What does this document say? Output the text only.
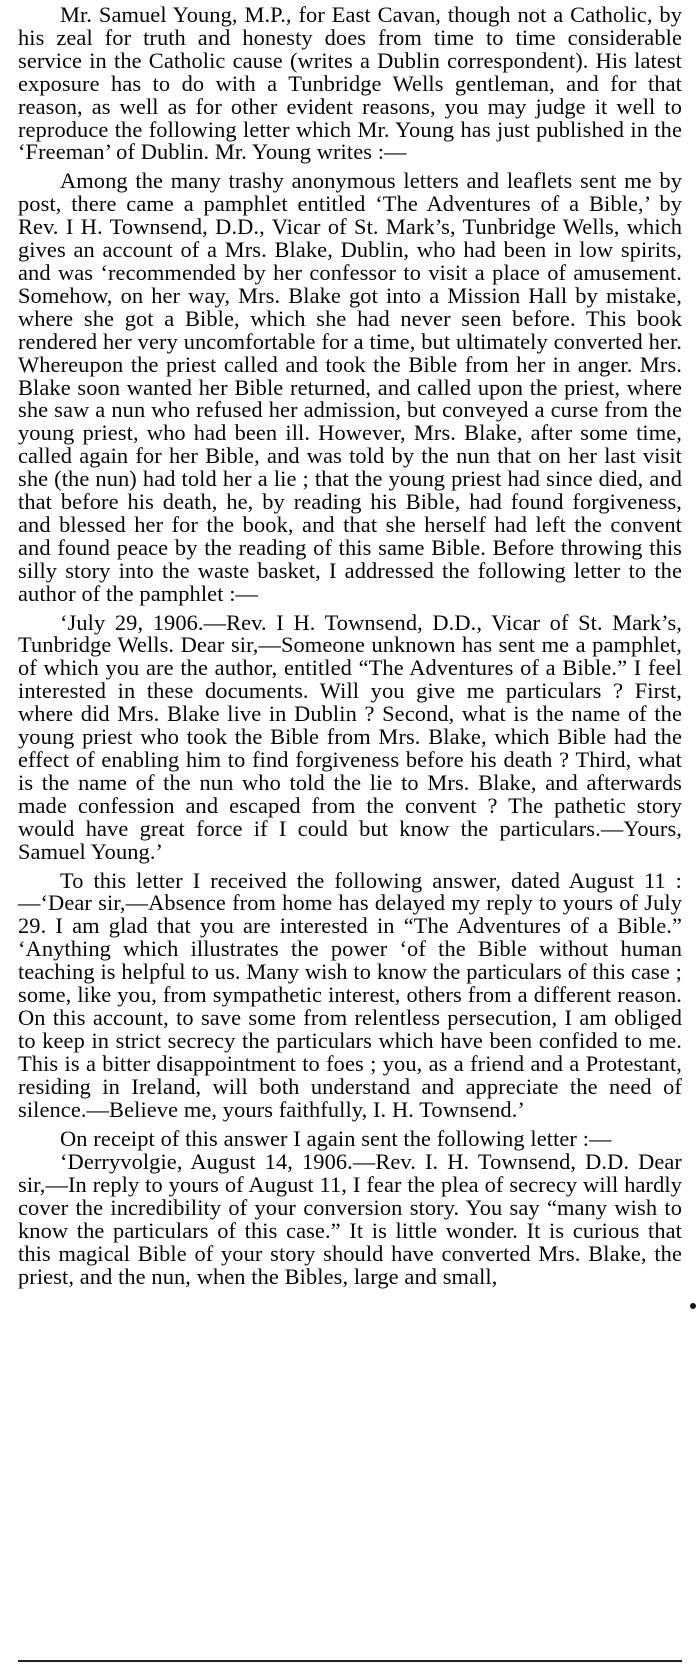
Mr. Samuel Young, M.P., for East Cavan, though not a Catholic, by his zeal for truth and honesty does from time to time considerable service in the Catholic cause (writes a Dublin correspondent). His latest exposure has to do with a Tunbridge Wells gentleman, and for that reason, as well as for other evident reasons, you may judge it well to reproduce the following letter which Mr. Young has just published in the ‘Freeman’ of Dublin. Mr. Young writes :—

Among the many trashy anonymous letters and leaflets sent me by post, there came a pamphlet entitled ‘The Adventures of a Bible,’ by Rev. I H. Townsend, D.D., Vicar of St. Mark’s, Tunbridge Wells, which gives an account of a Mrs. Blake, Dublin, who had been in low spirits, and was ‘recommended by her confessor to visit a place of amusement. Somehow, on her way, Mrs. Blake got into a Mission Hall by mistake, where she got a Bible, which she had never seen before. This book rendered her very uncomfortable for a time, but ultimately converted her. Whereupon the priest called and took the Bible from her in anger. Mrs. Blake soon wanted her Bible returned, and called upon the priest, where she saw a nun who refused her admission, but conveyed a curse from the young priest, who had been ill. However, Mrs. Blake, after some time, called again for her Bible, and was told by the nun that on her last visit she (the nun) had told her a lie ; that the young priest had since died, and that before his death, he, by reading his Bible, had found forgiveness, and blessed her for the book, and that she herself had left the convent and found peace by the reading of this same Bible. Before throwing this silly story into the waste basket, I addressed the following letter to the author of the pamphlet :—

‘July 29, 1906.—Rev. I H. Townsend, D.D., Vicar of St. Mark’s, Tunbridge Wells. Dear sir,—Someone unknown has sent me a pamphlet, of which you are the author, entitled “The Adventures of a Bible.” I feel interested in these documents. Will you give me particulars ? First, where did Mrs. Blake live in Dublin ? Second, what is the name of the young priest who took the Bible from Mrs. Blake, which Bible had the effect of enabling him to find forgiveness before his death ? Third, what is the name of the nun who told the lie to Mrs. Blake, and afterwards made confession and escaped from the convent ? The pathetic story would have great force if I could but know the particulars.—Yours, Samuel Young.’

To this letter I received the following answer, dated August 11 :—‘Dear sir,—Absence from home has delayed my reply to yours of July 29. I am glad that you are interested in “The Adventures of a Bible.” ‘Anything which illustrates the power ‘of the Bible without human teaching is helpful to us. Many wish to know the particulars of this case ; some, like you, from sympathetic interest, others from a different reason. On this account, to save some from relentless persecution, I am obliged to keep in strict secrecy the particulars which have been confided to me. This is a bitter disappointment to foes ; you, as a friend and a Protestant, residing in Ireland, will both understand and appreciate the need of silence.—Believe me, yours faithfully, I. H. Townsend.’

On receipt of this answer I again sent the following letter :—

‘Derryvolgie, August 14, 1906.—Rev. I. H. Townsend, D.D. Dear sir,—In reply to yours of August 11, I fear the plea of secrecy will hardly cover the incredibility of your conversion story. You say “many wish to know the particulars of this case.” It is little wonder. It is curious that this magical Bible of your story should have converted Mrs. Blake, the priest, and the nun, when the Bibles, large and small,
